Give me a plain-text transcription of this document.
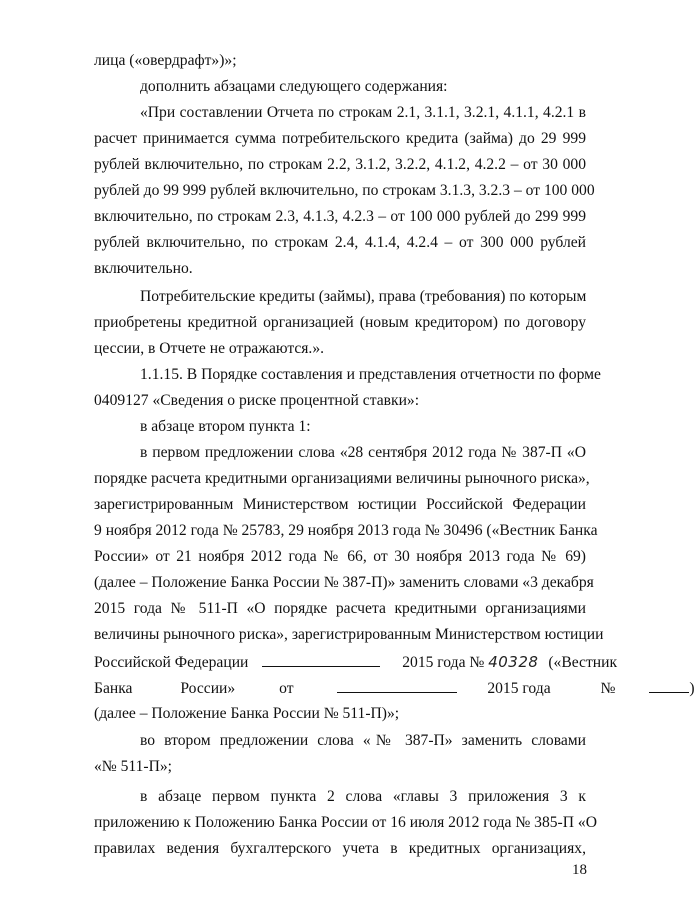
лица («овердрафт»)»;
дополнить абзацами следующего содержания:
«При составлении Отчета по строкам 2.1, 3.1.1, 3.2.1, 4.1.1, 4.2.1 в
расчет принимается сумма потребительского кредита (займа) до 29 999
рублей включительно, по строкам 2.2, 3.1.2, 3.2.2, 4.1.2, 4.2.2 – от 30 000
рублей до 99 999 рублей включительно, по строкам 3.1.3, 3.2.3 – от 100 000
включительно, по строкам 2.3, 4.1.3, 4.2.3 – от 100 000 рублей до 299 999
рублей включительно, по строкам 2.4, 4.1.4, 4.2.4 – от 300 000 рублей
включительно.
Потребительские кредиты (займы), права (требования) по которым
приобретены кредитной организацией (новым кредитором) по договору
цессии, в Отчете не отражаются.».
1.1.15. В Порядке составления и представления отчетности по форме
0409127 «Сведения о риске процентной ставки»:
в абзаце втором пункта 1:
в первом предложении слова «28 сентября 2012 года № 387-П «О
порядке расчета кредитными организациями величины рыночного риска»,
зарегистрированным Министерством юстиции Российской Федерации
9 ноября 2012 года № 25783, 29 ноября 2013 года № 30496 («Вестник Банка
России» от 21 ноября 2012 года № 66, от 30 ноября 2013 года № 69)
(далее – Положение Банка России № 387-П)» заменить словами «3 декабря
2015 года № 511-П «О порядке расчета кредитными организациями
величины рыночного риска», зарегистрированным Министерством юстиции
Российской Федерации	2015 года № 40328 («Вестник
Банка	России»	от	2015 года	№	)
(далее – Положение Банка России № 511-П)»;
во втором предложении слова «№ 387-П» заменить словами
«№ 511-П»;
в абзаце первом пункта 2 слова «главы 3 приложения 3 к
приложению к Положению Банка России от 16 июля 2012 года № 385-П «О
правилах ведения бухгалтерского учета в кредитных организациях,
18
